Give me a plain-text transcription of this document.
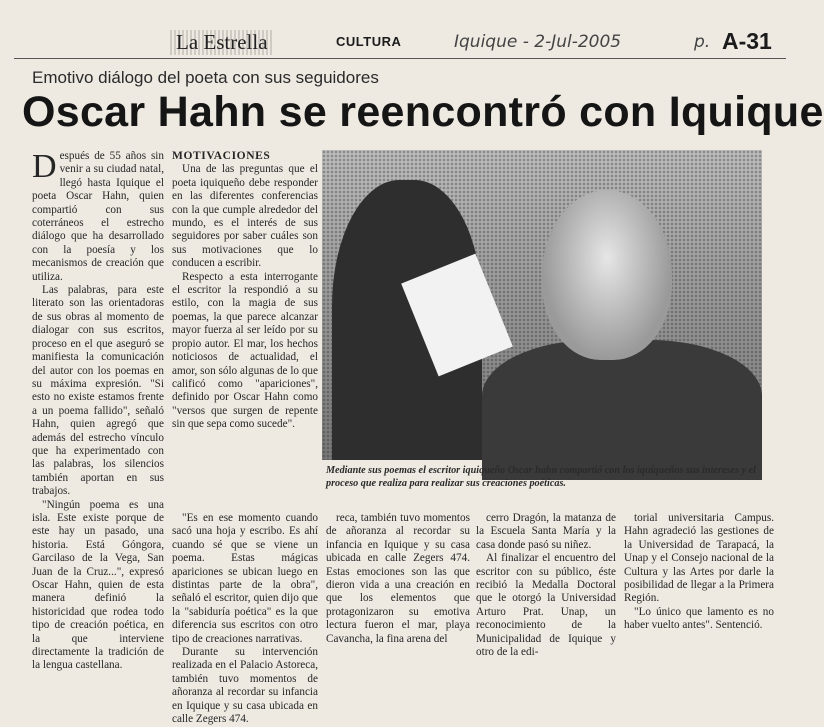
La Estrella	CULTURA	Iquique - 2-Jul-2005	p. A-31
Emotivo diálogo del poeta con sus seguidores
Oscar Hahn se reencontró con Iquique

Después de 55 años sin venir a su ciudad natal, llegó hasta Iquique el poeta Oscar Hahn, quien compartió con sus coterráneos el estrecho diálogo que ha desarrollado con la poesía y los mecanismos de creación que utiliza.

Las palabras, para este literato son las orientadoras de sus obras al momento de dialogar con sus escritos, proceso en el que aseguró se manifiesta la comunicación del autor con los poemas en su máxima expresión. "Si esto no existe estamos frente a un poema fallido", señaló Hahn, quien agregó que además del estrecho vínculo que ha experimentado con las palabras, los silencios también aportan en sus trabajos.

"Ningún poema es una isla. Este existe porque de este hay un pasado, una historia. Está Góngora, Garcilaso de la Vega, San Juan de la Cruz...", expresó Oscar Hahn, quien de esta manera definió la historicidad que rodea todo tipo de creación poética, en la que interviene directamente la tradición de la lengua castellana.

MOTIVACIONES

Una de las preguntas que el poeta iquiqueño debe responder en las diferentes conferencias con la que cumple alrededor del mundo, es el interés de sus seguidores por saber cuáles son sus motivaciones que lo conducen a escribir.

Respecto a esta interrogante el escritor la respondió a su estilo, con la magia de sus poemas, la que parece alcanzar mayor fuerza al ser leído por su propio autor. El mar, los hechos noticiosos de actualidad, el amor, son sólo algunas de lo que calificó como "apariciones", definido por Oscar Hahn como "versos que surgen de repente sin que sepa como sucede".

Mediante sus poemas el escritor iquiqueño Oscar hahn comportió con los iquiqueños sus intereses y el proceso que realiza para realizar sus creaciones poéticas.

"Es en ese momento cuando sacó una hoja y escribo. Es ahí cuando sé que se viene un poema. Estas mágicas apariciones se ubican luego en distintas parte de la obra", señaló el escritor, quien dijo que la "sabiduría poética" es la que diferencia sus escritos con otro tipo de creaciones narrativas.

Durante su intervención realizada en el Palacio Astoreca, también tuvo momentos de añoranza al recordar su infancia en Iquique y su casa ubicada en calle Zegers 474.

reca, también tuvo momentos de añoranza al recordar su infancia en Iquique y su casa ubicada en calle Zegers 474. Estas emociones son las que dieron vida a una creación en que los elementos que protagonizaron su emotiva lectura fueron el mar, playa Cavancha, la fina arena del

cerro Dragón, la matanza de la Escuela Santa María y la casa donde pasó su niñez.

Al finalizar el encuentro del escritor con su público, éste recibió la Medalla Doctoral que le otorgó la Universidad Arturo Prat. Unap, un reconocimiento de la Municipalidad de Iquique y otro de la edi-

torial universitaria Campus. Hahn agradeció las gestiones de la Universidad de Tarapacá, la Unap y el Consejo nacional de la Cultura y las Artes por darle la posibilidad de llegar a la Primera Región.

"Lo único que lamento es no haber vuelto antes". Sentenció.
